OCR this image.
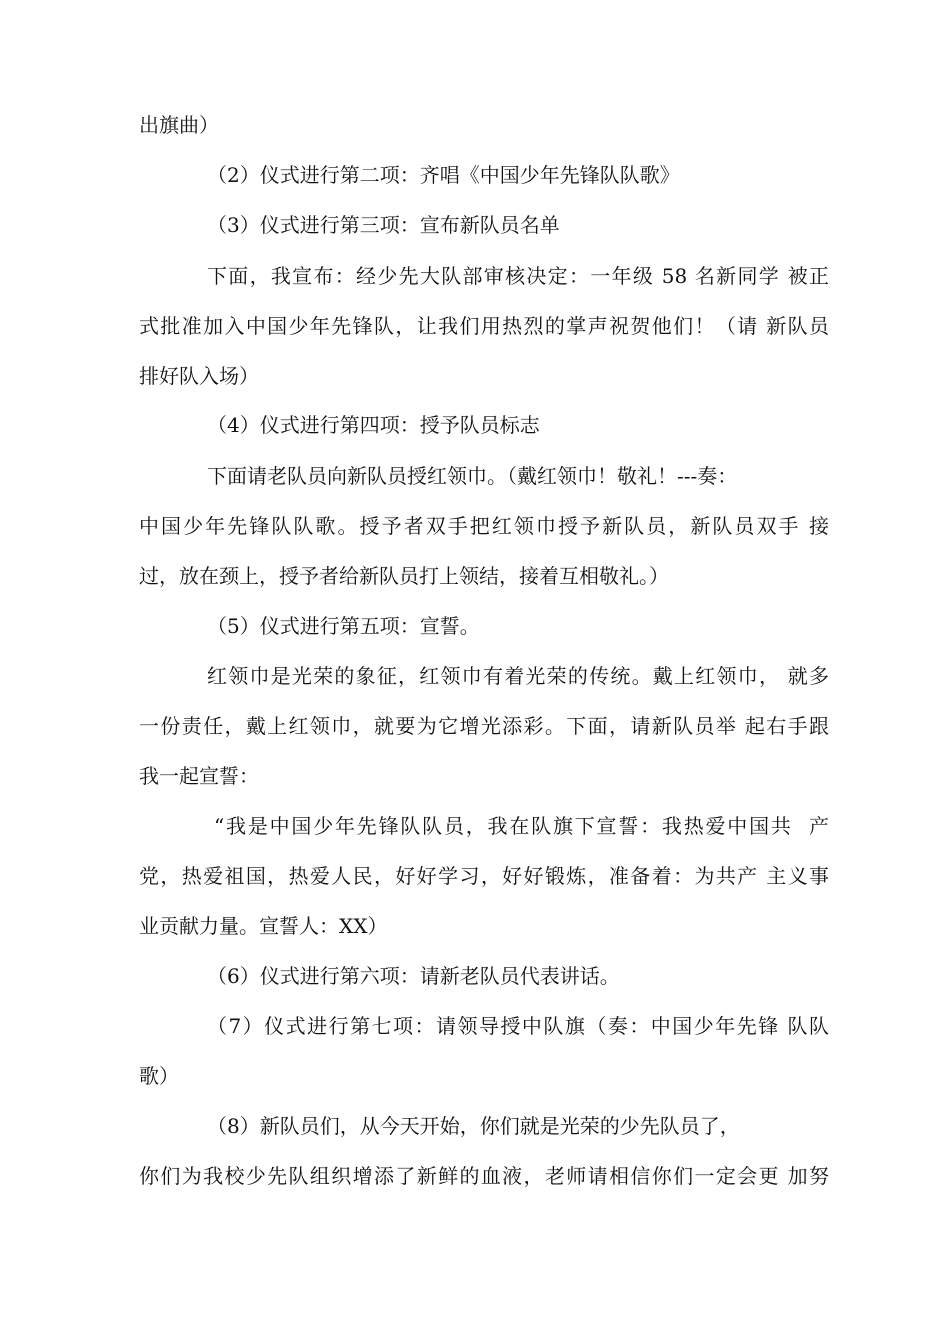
出旗曲）
（2）仪式进行第二项：齐唱《中国少年先锋队队歌》
（3）仪式进行第三项：宣布新队员名单
下面，我宣布：经少先大队部审核决定：一年级 58 名新同学 被正
式批准加入中国少年先锋队，让我们用热烈的掌声祝贺他们！（请 新队员
排好队入场）
（4）仪式进行第四项：授予队员标志
下面请老队员向新队员授红领巾。（戴红领巾！敬礼！---奏：
中国少年先锋队队歌。授予者双手把红领巾授予新队员，新队员双手 接
过，放在颈上，授予者给新队员打上领结，接着互相敬礼。）
（5）仪式进行第五项：宣誓。
红领巾是光荣的象征，红领巾有着光荣的传统。戴上红领巾， 就多
一份责任，戴上红领巾，就要为它增光添彩。下面，请新队员举 起右手跟
我一起宣誓：
“我是中国少年先锋队队员，我在队旗下宣誓：我热爱中国共  产
党，热爱祖国，热爱人民，好好学习，好好锻炼，准备着：为共产 主义事
业贡献力量。宣誓人：XX）
（6）仪式进行第六项：请新老队员代表讲话。
（7）仪式进行第七项：请领导授中队旗（奏：中国少年先锋 队队
歌）
（8）新队员们，从今天开始，你们就是光荣的少先队员了，
你们为我校少先队组织增添了新鲜的血液，老师请相信你们一定会更 加努
